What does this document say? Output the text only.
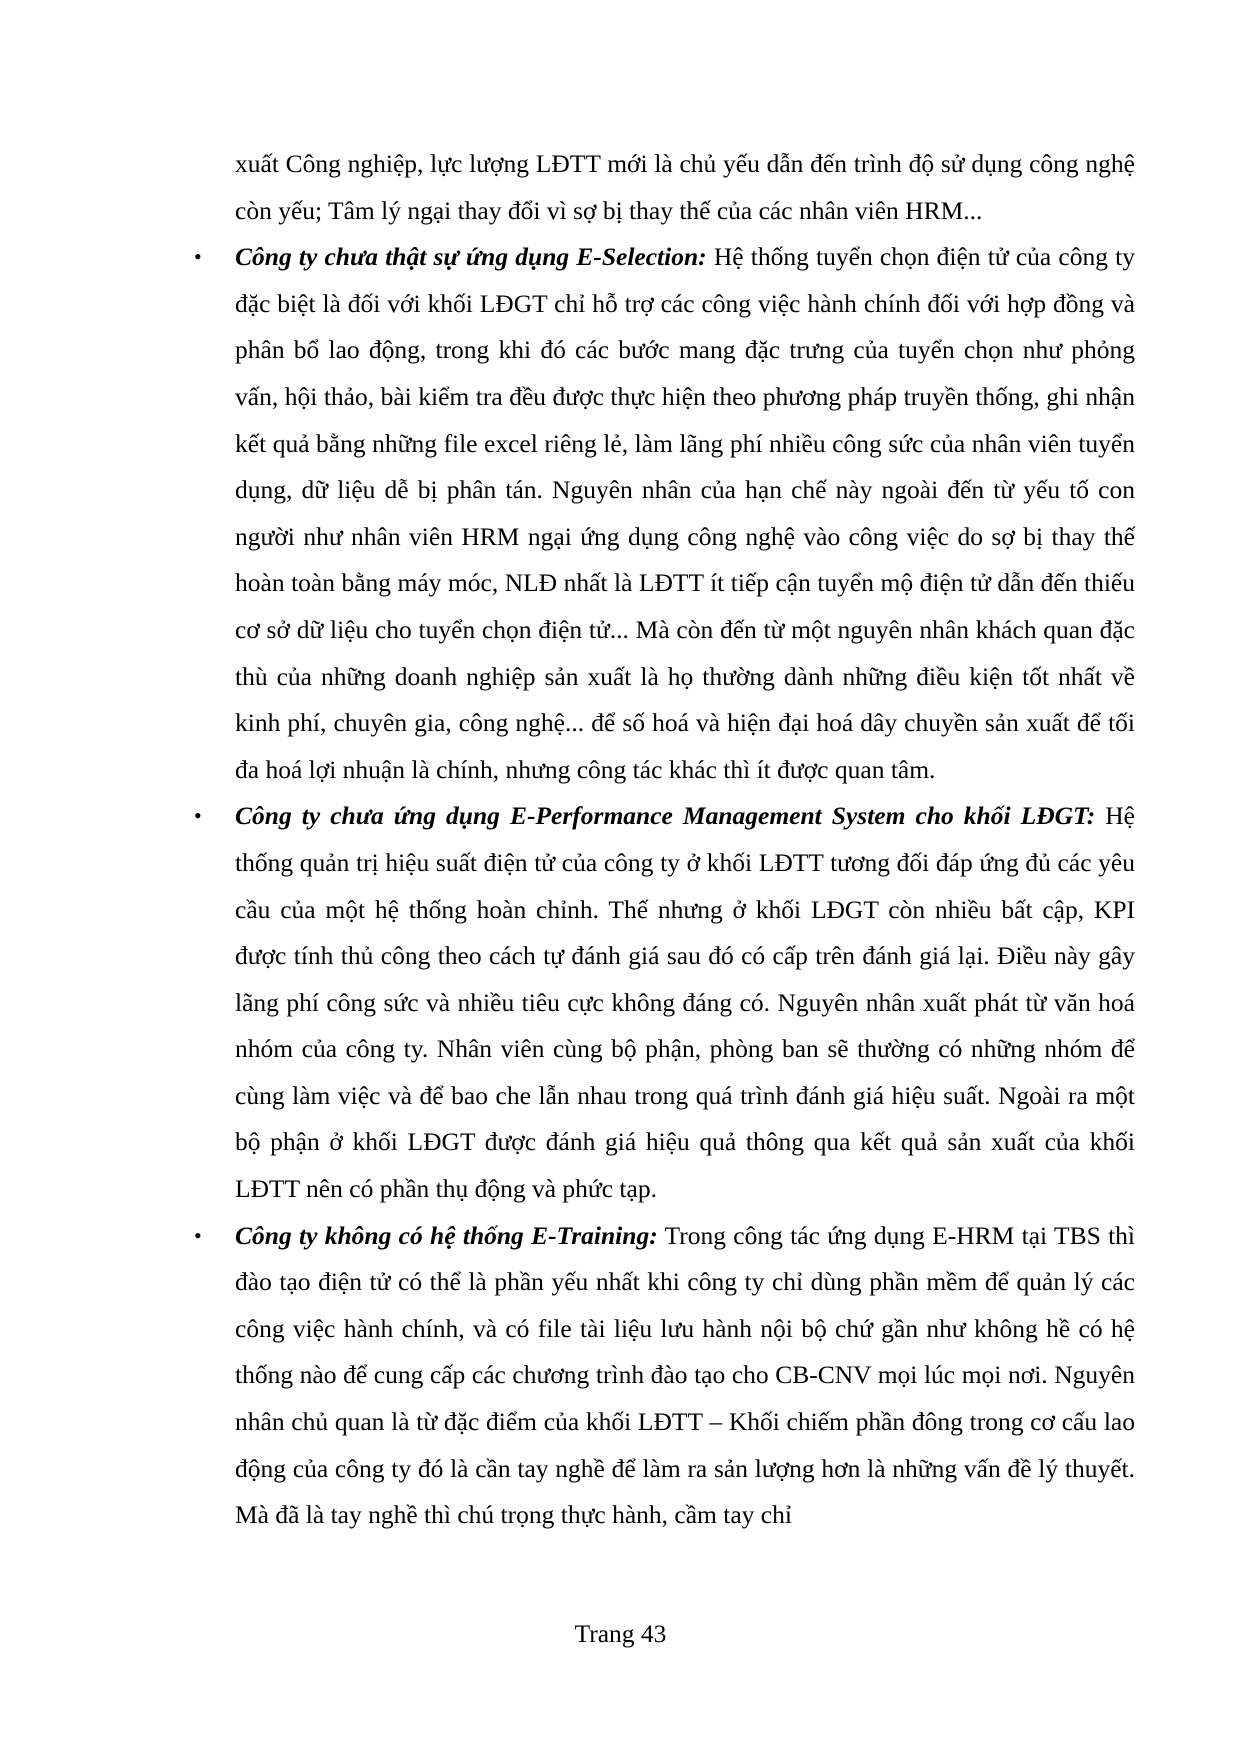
xuất Công nghiệp, lực lượng LĐTT mới là chủ yếu dẫn đến trình độ sử dụng công nghệ còn yếu; Tâm lý ngại thay đổi vì sợ bị thay thế của các nhân viên HRM...

• Công ty chưa thật sự ứng dụng E-Selection: Hệ thống tuyển chọn điện tử của công ty đặc biệt là đối với khối LĐGT chỉ hỗ trợ các công việc hành chính đối với hợp đồng và phân bổ lao động, trong khi đó các bước mang đặc trưng của tuyển chọn như phỏng vấn, hội thảo, bài kiểm tra đều được thực hiện theo phương pháp truyền thống, ghi nhận kết quả bằng những file excel riêng lẻ, làm lãng phí nhiều công sức của nhân viên tuyển dụng, dữ liệu dễ bị phân tán. Nguyên nhân của hạn chế này ngoài đến từ yếu tố con người như nhân viên HRM ngại ứng dụng công nghệ vào công việc do sợ bị thay thế hoàn toàn bằng máy móc, NLĐ nhất là LĐTT ít tiếp cận tuyển mộ điện tử dẫn đến thiếu cơ sở dữ liệu cho tuyển chọn điện tử... Mà còn đến từ một nguyên nhân khách quan đặc thù của những doanh nghiệp sản xuất là họ thường dành những điều kiện tốt nhất về kinh phí, chuyên gia, công nghệ... để số hoá và hiện đại hoá dây chuyền sản xuất để tối đa hoá lợi nhuận là chính, nhưng công tác khác thì ít được quan tâm.
• Công ty chưa ứng dụng E-Performance Management System cho khối LĐGT: Hệ thống quản trị hiệu suất điện tử của công ty ở khối LĐTT tương đối đáp ứng đủ các yêu cầu của một hệ thống hoàn chỉnh. Thế nhưng ở khối LĐGT còn nhiều bất cập, KPI được tính thủ công theo cách tự đánh giá sau đó có cấp trên đánh giá lại. Điều này gây lãng phí công sức và nhiều tiêu cực không đáng có. Nguyên nhân xuất phát từ văn hoá nhóm của công ty. Nhân viên cùng bộ phận, phòng ban sẽ thường có những nhóm để cùng làm việc và để bao che lẫn nhau trong quá trình đánh giá hiệu suất. Ngoài ra một bộ phận ở khối LĐGT được đánh giá hiệu quả thông qua kết quả sản xuất của khối LĐTT nên có phần thụ động và phức tạp.
• Công ty không có hệ thống E-Training: Trong công tác ứng dụng E-HRM tại TBS thì đào tạo điện tử có thể là phần yếu nhất khi công ty chỉ dùng phần mềm để quản lý các công việc hành chính, và có file tài liệu lưu hành nội bộ chứ gần như không hề có hệ thống nào để cung cấp các chương trình đào tạo cho CB-CNV mọi lúc mọi nơi. Nguyên nhân chủ quan là từ đặc điểm của khối LĐTT – Khối chiếm phần đông trong cơ cấu lao động của công ty đó là cần tay nghề để làm ra sản lượng hơn là những vấn đề lý thuyết. Mà đã là tay nghề thì chú trọng thực hành, cầm tay chỉ
Trang 43
